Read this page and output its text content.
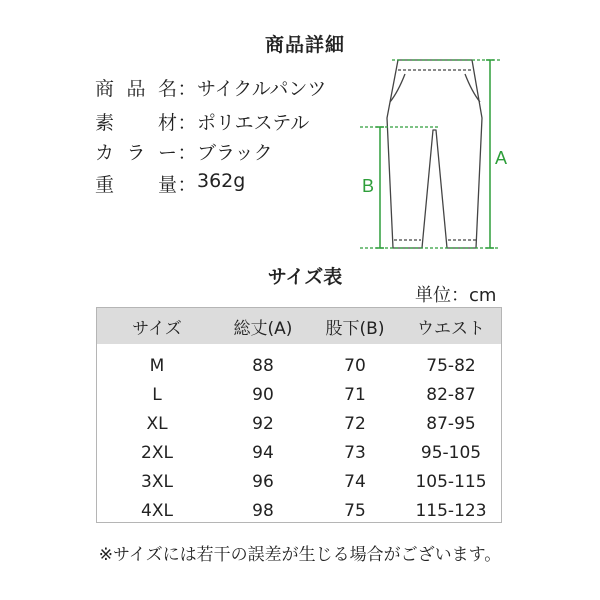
商品詳細
商品名 ： サイクルパンツ
素材 ： ポリエステル
カラー ： ブラック
重量 ： 362g
A
B
サイズ表
単位：cm
サイズ	総丈(A)	股下(B)	ウエスト
M	88	70	75-82
L	90	71	82-87
XL	92	72	87-95
2XL	94	73	95-105
3XL	96	74	105-115
4XL	98	75	115-123
※サイズには若干の誤差が生じる場合がございます。
